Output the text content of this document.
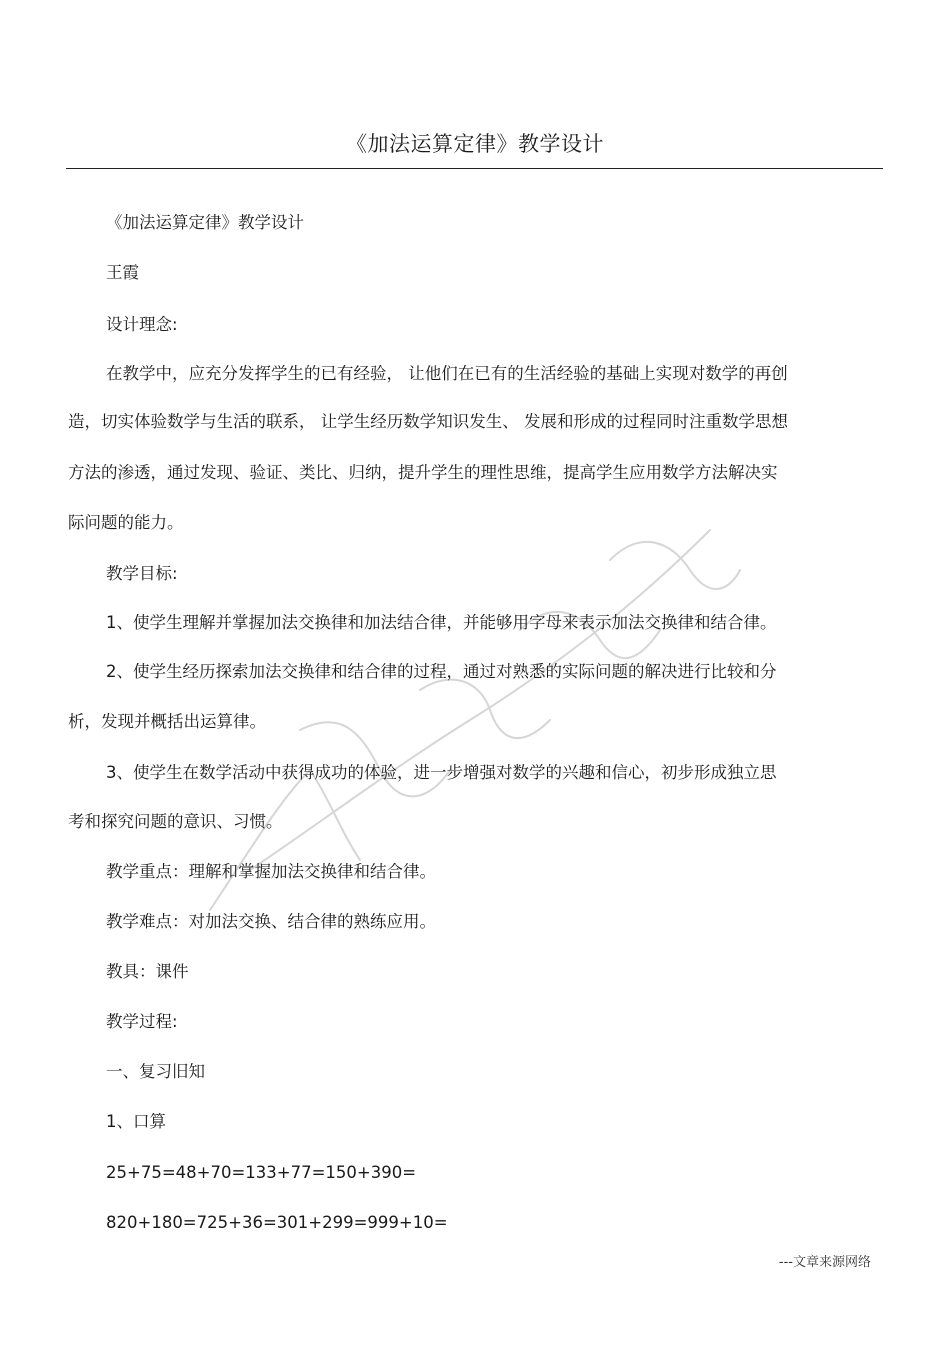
《加法运算定律》教学设计
《加法运算定律》教学设计
王霞
设计理念:
在教学中，应充分发挥学生的已有经验， 让他们在已有的生活经验的基础上实现对数学的再创
造，切实体验数学与生活的联系， 让学生经历数学知识发生、 发展和形成的过程同时注重数学思想
方法的渗透，通过发现、验证、类比、归纳，提升学生的理性思维，提高学生应用数学方法解决实
际问题的能力。
教学目标:
1、使学生理解并掌握加法交换律和加法结合律，并能够用字母来表示加法交换律和结合律。
2、使学生经历探索加法交换律和结合律的过程，通过对熟悉的实际问题的解决进行比较和分
析，发现并概括出运算律。
3、使学生在数学活动中获得成功的体验，进一步增强对数学的兴趣和信心，初步形成独立思
考和探究问题的意识、习惯。
教学重点：理解和掌握加法交换律和结合律。
教学难点：对加法交换、结合律的熟练应用。
教具：课件
教学过程:
一、复习旧知
1、口算
25+75=48+70=133+77=150+390=
820+180=725+36=301+299=999+10=
---文章来源网络
